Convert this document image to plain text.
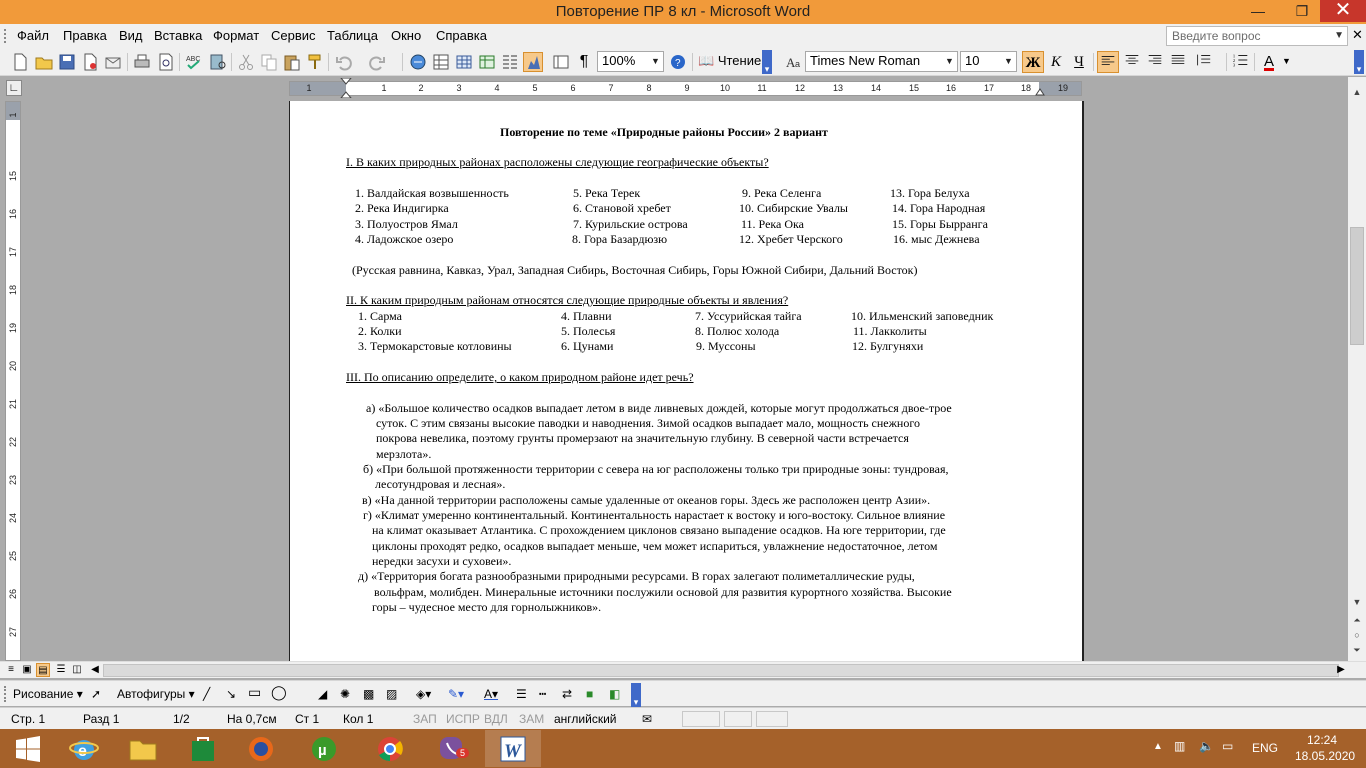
Повторение ПР 8 кл - Microsoft Word	—	❐	✕
Файл Правка Вид Вставка Формат Сервис Таблица Окно Справка	Введите вопрос	▼ ✕
ABC	¶	100% ▼ ? 📖 Чтение
▾ A a Times New Roman	▼ 10	▼ Ж К Ч	1
2
3	A ▼
▾
∟	1	1	2	3	4	5	6	7	8	9	10	11	12	13	14	15	16	17	18	19
1
15
16
17
18
19
20
21
22
23
24
25
26
27
Повторение по теме «Природные районы России» 2 вариант
I. В каких природных районах расположены следующие географические объекты?
1. Валдайская возвышенность	5. Река Терек	9. Река Селенга	13. Гора Белуха
2. Река Индигирка	6. Становой хребет	10. Сибирские Увалы	14. Гора Народная
3. Полуостров Ямал	7. Курильские острова	11. Река Ока	15. Горы Бырранга
4. Ладожское озеро	8. Гора Базардюзю	12. Хребет Черского	16. мыс Дежнева
(Русская равнина, Кавказ, Урал, Западная Сибирь, Восточная Сибирь, Горы Южной Сибири, Дальний Восток)
II. К каким природным районам относятся следующие природные объекты и явления?
1. Сарма	4. Плавни	7. Уссурийская тайга	10. Ильменский заповедник
2. Колки	5. Полесья	8. Полюс холода	11. Лакколиты
3. Термокарстовые котловины	6. Цунами	9. Муссоны	12. Булгуняхи
III. По описанию определите, о каком природном районе идет речь?
а) «Большое количество осадков выпадает летом в виде ливневых дождей, которые могут продолжаться двое-трое
суток. С этим связаны высокие паводки и наводнения. Зимой осадков выпадает мало, мощность снежного
покрова невелика, поэтому грунты промерзают на значительную глубину. В северной части встречается
мерзлота».
б) «При большой протяженности территории с севера на юг расположены только три природные зоны: тундровая,
лесотундровая и лесная».
в) «На данной территории расположены самые удаленные от океанов горы. Здесь же расположен центр Азии».
г) «Климат умеренно континентальный. Континентальность нарастает к востоку и юго-востоку. Сильное влияние
на климат оказывает Атлантика. С прохождением циклонов связано выпадение осадков. На юге территории, где
циклоны проходят редко, осадков выпадает меньше, чем может испариться, увлажнение недостаточное, летом
нередки засухи и суховеи».
д) «Территория богата разнообразными природными ресурсами. В горах залегают полиметаллические руды,
вольфрам, молибден. Минеральные источники послужили основой для развития курортного хозяйства. Высокие
горы – чудесное место для горнолыжников».
▲
▼
⏶
○
⏷
≡ ▣ ▤ ☰ ◫ ◀	▶
Рисование ▾ ➚ Автофигуры ▾ ╱ ↘ ▭ ◯	◢ ✺ ▩ ▨ ◈▾ ✎▾ A▾ ☰ ┅ ⇄ ■ ◧
▾
Стр. 1	Разд 1	1/2	На 0,7см Ст 1 Кол 1	ЗАП ИСПР ВДЛ ЗАМ английский ✉
e	µ	5 W	▲ ▥ 🔈 ▭ ENG
12:24
18.05.2020
